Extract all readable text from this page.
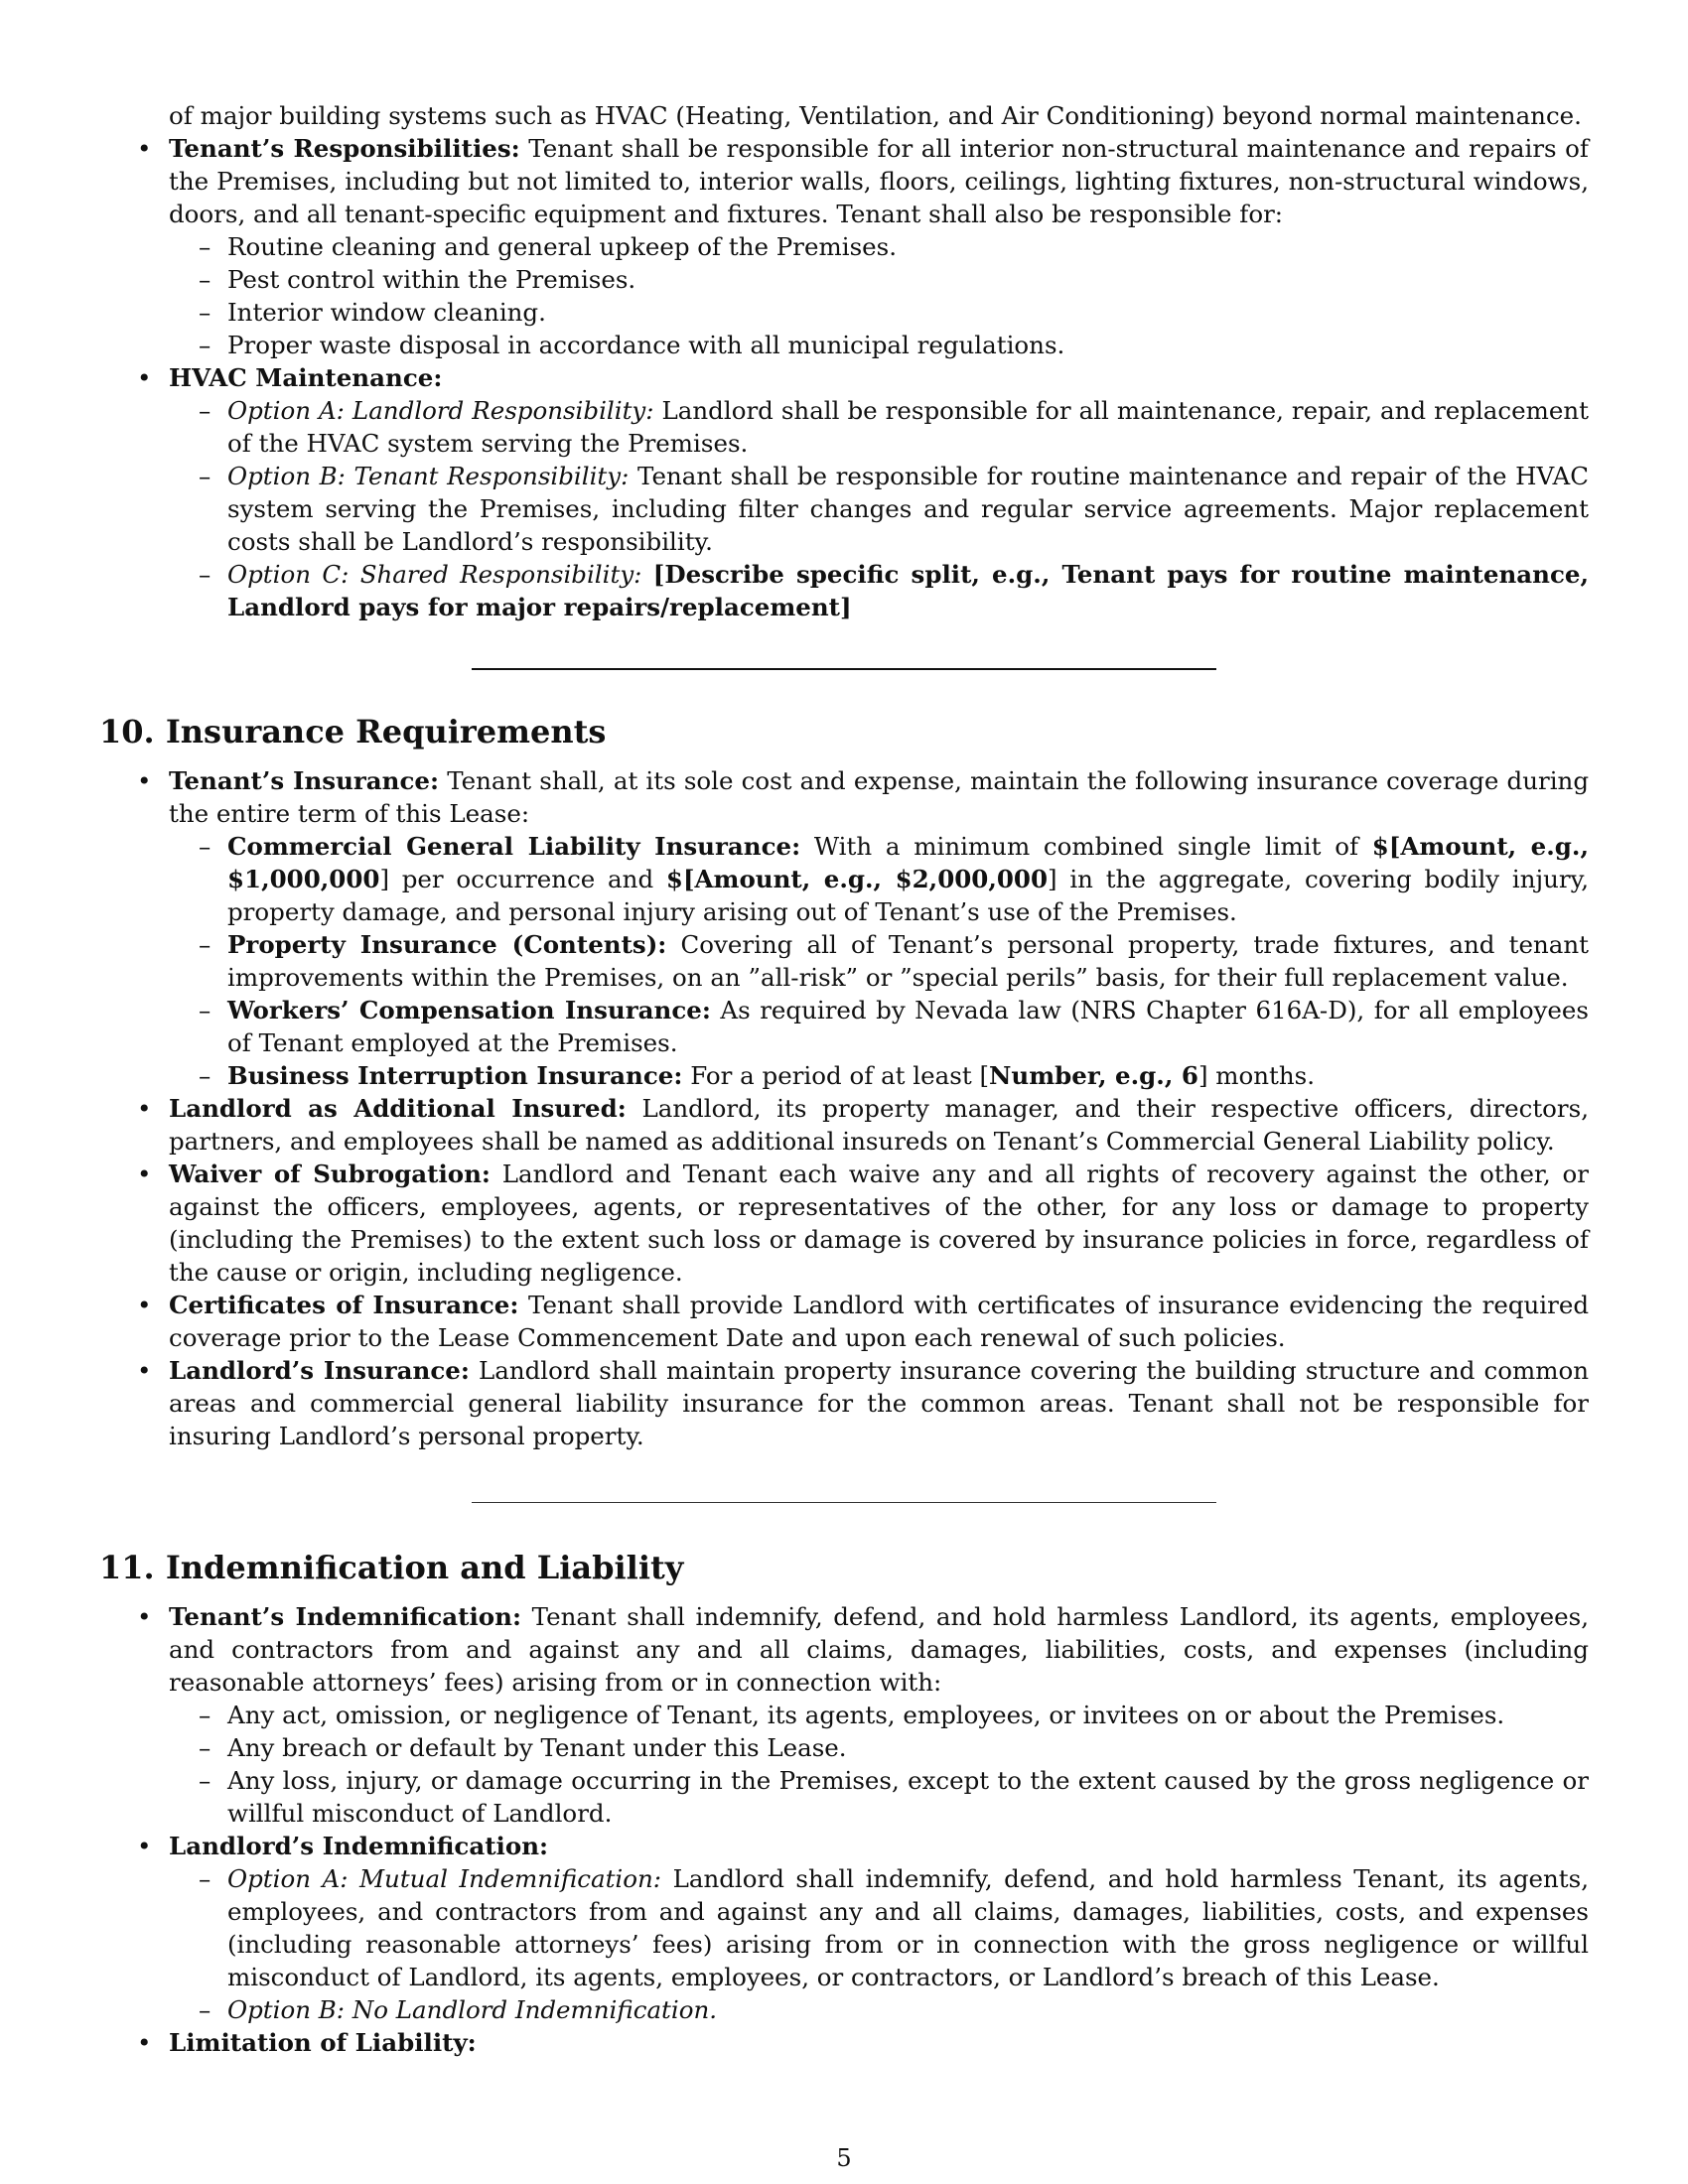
of major building systems such as HVAC (Heating, Ventilation, and Air Conditioning) beyond normal maintenance.
• Tenant’s Responsibilities: Tenant shall be responsible for all interior non-structural maintenance and repairs of the Premises, including but not limited to, interior walls, floors, ceilings, lighting fixtures, non-structural windows, doors, and all tenant-specific equipment and fixtures. Tenant shall also be responsible for:
– Routine cleaning and general upkeep of the Premises.
– Pest control within the Premises.
– Interior window cleaning.
– Proper waste disposal in accordance with all municipal regulations.
• HVAC Maintenance:
– Option A: Landlord Responsibility: Landlord shall be responsible for all maintenance, repair, and replacement of the HVAC system serving the Premises.
– Option B: Tenant Responsibility: Tenant shall be responsible for routine maintenance and repair of the HVAC system serving the Premises, including filter changes and regular service agreements. Major replacement costs shall be Landlord’s responsibility.
– Option C: Shared Responsibility: [Describe specific split, e.g., Tenant pays for routine maintenance, Landlord pays for major repairs/replacement]
10. Insurance Requirements
• Tenant’s Insurance: Tenant shall, at its sole cost and expense, maintain the following insurance coverage during the entire term of this Lease:
– Commercial General Liability Insurance: With a minimum combined single limit of $[Amount, e.g., $1,000,000] per occurrence and $[Amount, e.g., $2,000,000] in the aggregate, covering bodily injury, property damage, and personal injury arising out of Tenant’s use of the Premises.
– Property Insurance (Contents): Covering all of Tenant’s personal property, trade fixtures, and tenant improvements within the Premises, on an ”all-risk” or ”special perils” basis, for their full replacement value.
– Workers’ Compensation Insurance: As required by Nevada law (NRS Chapter 616A-D), for all employees of Tenant employed at the Premises.
– Business Interruption Insurance: For a period of at least [Number, e.g., 6] months.
• Landlord as Additional Insured: Landlord, its property manager, and their respective officers, directors, partners, and employees shall be named as additional insureds on Tenant’s Commercial General Liability policy.
• Waiver of Subrogation: Landlord and Tenant each waive any and all rights of recovery against the other, or against the officers, employees, agents, or representatives of the other, for any loss or damage to property (including the Premises) to the extent such loss or damage is covered by insurance policies in force, regardless of the cause or origin, including negligence.
• Certificates of Insurance: Tenant shall provide Landlord with certificates of insurance evidencing the required coverage prior to the Lease Commencement Date and upon each renewal of such policies.
• Landlord’s Insurance: Landlord shall maintain property insurance covering the building structure and common areas and commercial general liability insurance for the common areas. Tenant shall not be responsible for insuring Landlord’s personal property.
11. Indemnification and Liability
• Tenant’s Indemnification: Tenant shall indemnify, defend, and hold harmless Landlord, its agents, employees, and contractors from and against any and all claims, damages, liabilities, costs, and expenses (including reasonable attorneys’ fees) arising from or in connection with:
– Any act, omission, or negligence of Tenant, its agents, employees, or invitees on or about the Premises.
– Any breach or default by Tenant under this Lease.
– Any loss, injury, or damage occurring in the Premises, except to the extent caused by the gross negligence or willful misconduct of Landlord.
• Landlord’s Indemnification:
– Option A: Mutual Indemnification: Landlord shall indemnify, defend, and hold harmless Tenant, its agents, employees, and contractors from and against any and all claims, damages, liabilities, costs, and expenses (including reasonable attorneys’ fees) arising from or in connection with the gross negligence or willful misconduct of Landlord, its agents, employees, or contractors, or Landlord’s breach of this Lease.
– Option B: No Landlord Indemnification.
• Limitation of Liability:
5
